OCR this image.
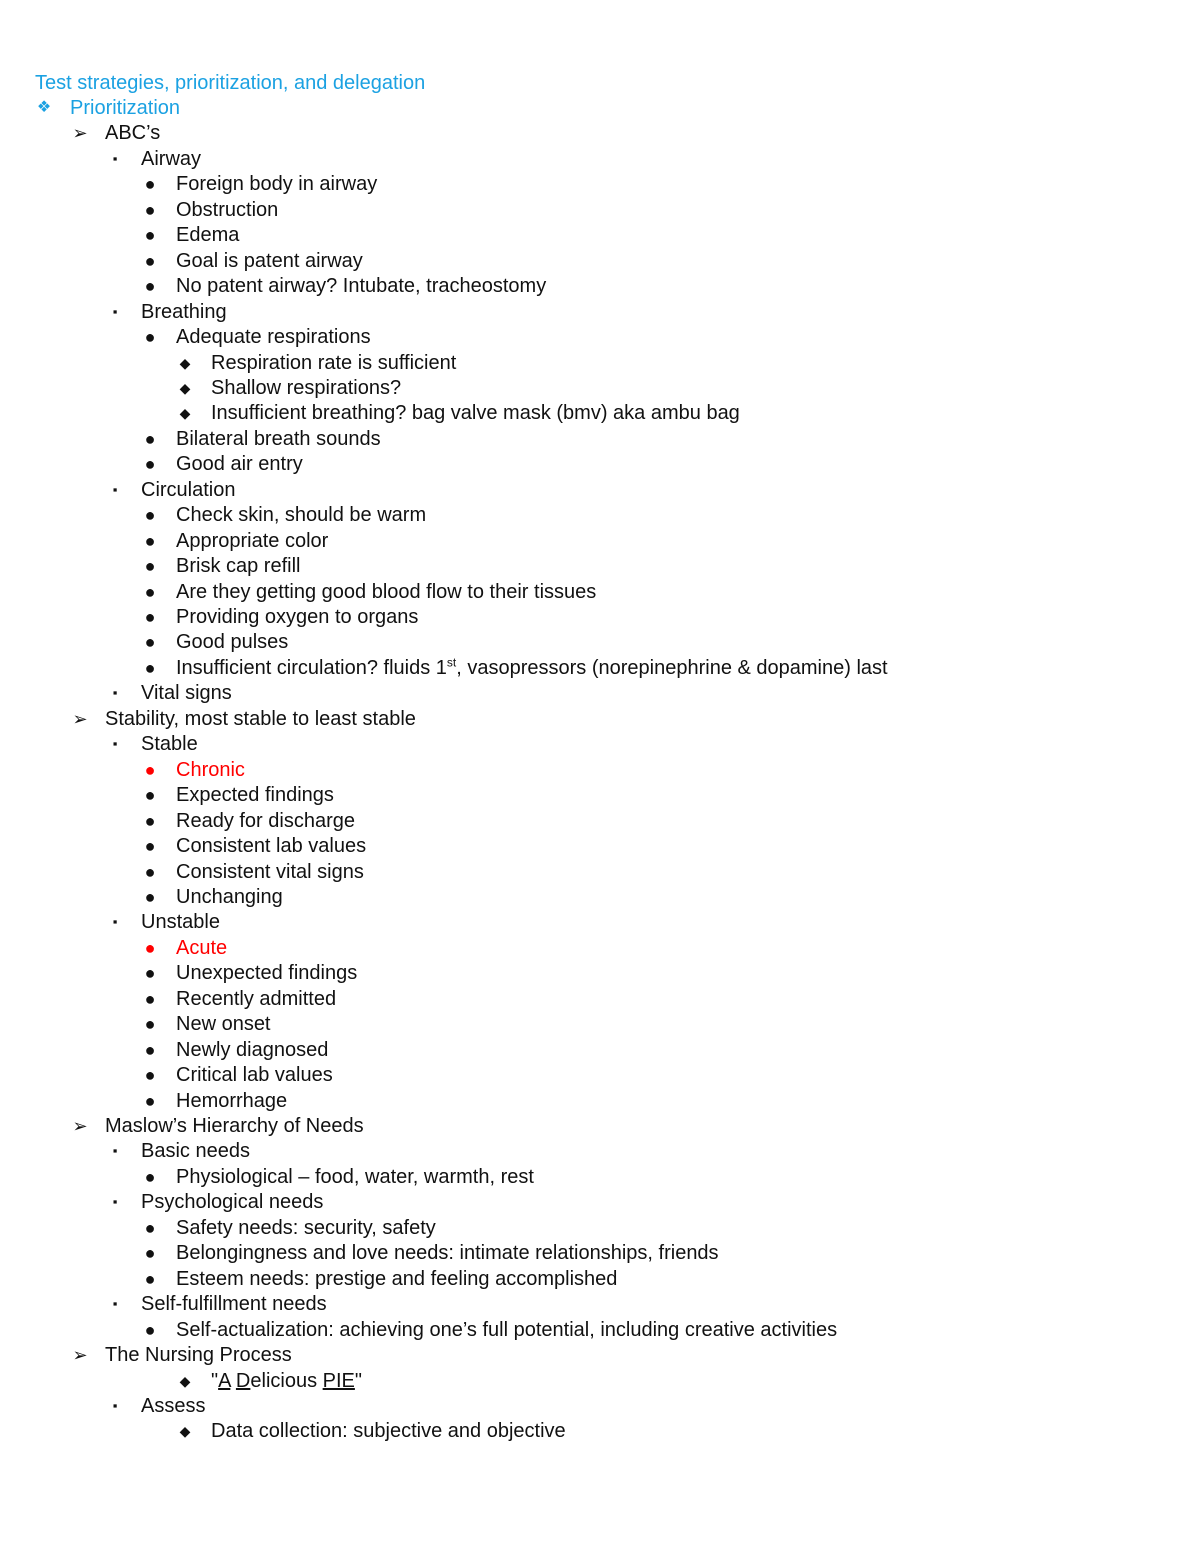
Test strategies, prioritization, and delegation
❖ Prioritization
➢ ABC’s
▪	Airway
● Foreign body in airway
● Obstruction
● Edema
● Goal is patent airway
● No patent airway? Intubate, tracheostomy
▪	Breathing
● Adequate respirations
◆ Respiration rate is sufficient
◆ Shallow respirations?
◆ Insufficient breathing? bag valve mask (bmv) aka ambu bag
● Bilateral breath sounds
● Good air entry
▪	Circulation
● Check skin, should be warm
● Appropriate color
● Brisk cap refill
● Are they getting good blood flow to their tissues
● Providing oxygen to organs
● Good pulses
● Insufficient circulation? fluids 1st, vasopressors (norepinephrine & dopamine) last
▪	Vital signs
➢ Stability, most stable to least stable
▪	Stable
● Chronic
● Expected findings
● Ready for discharge
● Consistent lab values
● Consistent vital signs
● Unchanging
▪	Unstable
● Acute
● Unexpected findings
● Recently admitted
● New onset
● Newly diagnosed
● Critical lab values
● Hemorrhage
➢ Maslow’s Hierarchy of Needs
▪	Basic needs
● Physiological – food, water, warmth, rest
▪	Psychological needs
● Safety needs: security, safety
● Belongingness and love needs: intimate relationships, friends
● Esteem needs: prestige and feeling accomplished
▪	Self-fulfillment needs
● Self-actualization: achieving one’s full potential, including creative activities
➢ The Nursing Process
◆ "A Delicious PIE"
▪	Assess
◆ Data collection: subjective and objective
